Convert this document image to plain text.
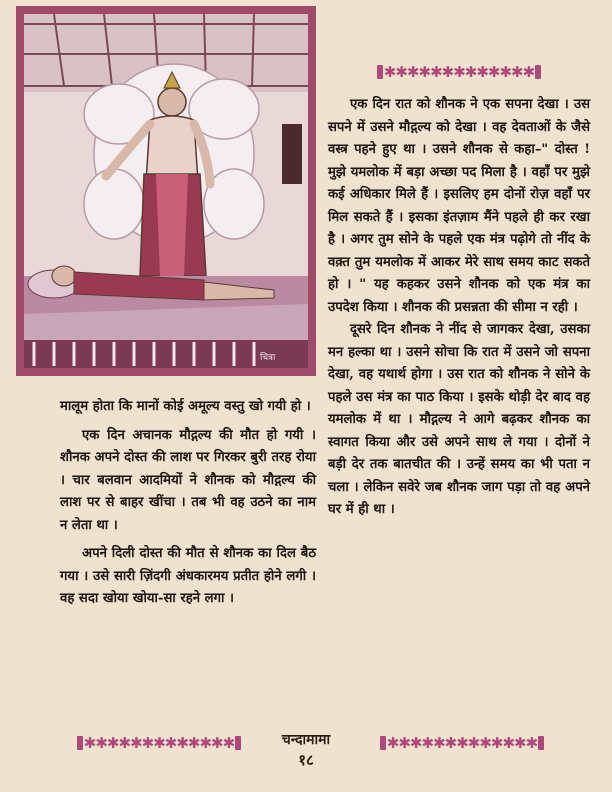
चित्रा
✱✱✱✱✱✱✱✱✱✱✱✱✱

एक दिन रात को शौनक ने एक सपना देखा । उस सपने में उसने मौद्गल्य को देखा । वह देवताओं के जैसे वस्त्र पहने हुए था । उसने शौनक से कहा–" दोस्त ! मुझे यमलोक में बड़ा अच्छा पद मिला है । वहाँ पर मुझे कई अधिकार मिले हैं । इसलिए हम दोनों रोज़ वहाँ पर मिल सकते हैं । इसका इंतज़ाम मैंने पहले ही कर रखा है । अगर तुम सोने के पहले एक मंत्र पढ़ोगे तो नींद के वक़्त तुम यमलोक में आकर मेरे साथ समय काट सकते हो । " यह कहकर उसने शौनक को एक मंत्र का उपदेश किया । शौनक की प्रसन्नता की सीमा न रही ।

दूसरे दिन शौनक ने नींद से जागकर देखा, उसका मन हल्का था । उसने सोचा कि रात में उसने जो सपना देखा, वह यथार्थ होगा । उस रात को शौनक ने सोने के पहले उस मंत्र का पाठ किया । इसके थोड़ी देर बाद वह यमलोक में था । मौद्गल्य ने आगे बढ़कर शौनक का स्वागत किया और उसे अपने साथ ले गया । दोनों ने बड़ी देर तक बातचीत की । उन्हें समय का भी पता न चला । लेकिन सवेरे जब शौनक जाग पड़ा तो वह अपने घर में ही था ।

मालूम होता कि मानों कोई अमूल्य वस्तु खो गयी हो ।

एक दिन अचानक मौद्गल्य की मौत हो गयी । शौनक अपने दोस्त की लाश पर गिरकर बुरी तरह रोया । चार बलवान आदमियों ने शौनक को मौद्गल्य की लाश पर से बाहर खींचा । तब भी वह उठने का नाम न लेता था ।

अपने दिली दोस्त की मौत से शौनक का दिल बैठ गया । उसे सारी ज़िंदगी अंधकारमय प्रतीत होने लगी । वह सदा खोया खोया-सा रहने लगा ।

✱✱✱✱✱✱✱✱✱✱✱✱✱	चन्दामामा
१८
✱✱✱✱✱✱✱✱✱✱✱✱✱
